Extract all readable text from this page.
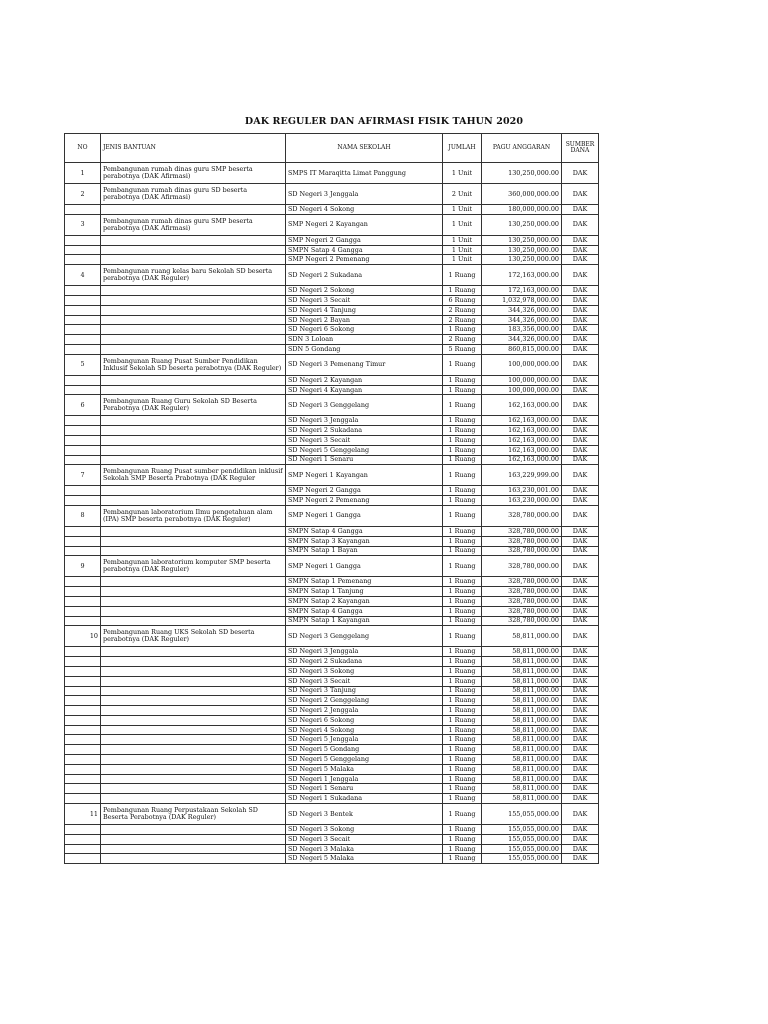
DAK REGULER DAN AFIRMASI FISIK TAHUN 2020
NO	JENIS BANTUAN	NAMA SEKOLAH	JUMLAH	PAGU ANGGARAN	SUMBER DANA
1	Pembangunan rumah dinas guru SMP beserta perabotnya (DAK Afirmasi)	SMPS IT Maraqitta Limat Panggung	1 Unit	130,250,000.00	DAK
2	Pembangunan rumah dinas guru SD beserta perabotnya (DAK Afirmasi)	SD Negeri 3 Jenggala	2 Unit	360,000,000.00	DAK
		SD Negeri 4 Sokong	1 Unit	180,000,000.00	DAK
3	Pembangunan rumah dinas guru SMP beserta perabotnya (DAK Afirmasi)	SMP Negeri 2 Kayangan	1 Unit	130,250,000.00	DAK
		SMP Negeri 2 Gangga	1 Unit	130,250,000.00	DAK
		SMPN Satap 4 Gangga	1 Unit	130,250,000.00	DAK
		SMP Negeri 2 Pemenang	1 Unit	130,250,000.00	DAK
4	Pembangunan ruang kelas baru Sekolah SD beserta perabotnya (DAK Reguler)	SD Negeri 2 Sukadana	1 Ruang	172,163,000.00	DAK
		SD Negeri 2 Sokong	1 Ruang	172,163,000.00	DAK
		SD Negeri 3 Secait	6 Ruang	1,032,978,000.00	DAK
		SD Negeri 4 Tanjung	2 Ruang	344,326,000.00	DAK
		SD Negeri 2 Bayan	2 Ruang	344,326,000.00	DAK
		SD Negeri 6 Sokong	1 Ruang	183,356,000.00	DAK
		SDN 3 Loloan	2 Ruang	344,326,000.00	DAK
		SDN 5 Gondang	5 Ruang	860,815,000.00	DAK
5	Pembangunan Ruang Pusat Sumber Pendidikan Inklusif Sekolah SD beserta perabotnya (DAK Reguler)	SD Negeri 3 Pemenang Timur	1 Ruang	100,000,000.00	DAK
		SD Negeri 2 Kayangan	1 Ruang	100,000,000.00	DAK
		SD Negeri 4 Kayangan	1 Ruang	100,000,000.00	DAK
6	Pembangunan Ruang Guru Sekolah SD Beserta Perabotnya (DAK Reguler)	SD Negeri 3 Genggelang	1 Ruang	162,163,000.00	DAK
		SD Negeri 3 Jenggala	1 Ruang	162,163,000.00	DAK
		SD Negeri 2 Sukadana	1 Ruang	162,163,000.00	DAK
		SD Negeri 3 Secait	1 Ruang	162,163,000.00	DAK
		SD Negeri 5 Genggelang	1 Ruang	162,163,000.00	DAK
		SD Negeri 1 Senaru	1 Ruang	162,163,000.00	DAK
7	Pembangunan Ruang Pusat sumber pendidikan inklusif Sekolah SMP Beserta Prabotnya (DAK Reguler	SMP Negeri 1 Kayangan	1 Ruang	163,229,999.00	DAK
		SMP Negeri 2 Gangga	1 Ruang	163,230,001.00	DAK
		SMP Negeri 2 Pemenang	1 Ruang	163,230,000.00	DAK
8	Pembangunan laboratorium Ilmu pengetahuan alam (IPA) SMP beserta perabotnya (DAK Reguler)	SMP Negeri 1 Gangga	1 Ruang	328,780,000.00	DAK
		SMPN Satap 4 Gangga	1 Ruang	328,780,000.00	DAK
		SMPN Satap 3 Kayangan	1 Ruang	328,780,000.00	DAK
		SMPN Satap 1 Bayan	1 Ruang	328,780,000.00	DAK
9	Pembangunan laboratorium komputer SMP beserta perabotnya (DAK Reguler)	SMP Negeri 1 Gangga	1 Ruang	328,780,000.00	DAK
		SMPN Satap 1 Pemenang	1 Ruang	328,780,000.00	DAK
		SMPN Satap 1 Tanjung	1 Ruang	328,780,000.00	DAK
		SMPN Satap 2 Kayangan	1 Ruang	328,780,000.00	DAK
		SMPN Satap 4 Gangga	1 Ruang	328,780,000.00	DAK
		SMPN Satap 1 Kayangan	1 Ruang	328,780,000.00	DAK
10	Pembangunan Ruang UKS Sekolah SD beserta perabotnya (DAK Reguler)	SD Negeri 3 Genggelang	1 Ruang	58,811,000.00	DAK
		SD Negeri 3 Jenggala	1 Ruang	58,811,000.00	DAK
		SD Negeri 2 Sukadana	1 Ruang	58,811,000.00	DAK
		SD Negeri 3 Sokong	1 Ruang	58,811,000.00	DAK
		SD Negeri 3 Secait	1 Ruang	58,811,000.00	DAK
		SD Negeri 3 Tanjung	1 Ruang	58,811,000.00	DAK
		SD Negeri 2 Genggelang	1 Ruang	58,811,000.00	DAK
		SD Negeri 2 Jenggala	1 Ruang	58,811,000.00	DAK
		SD Negeri 6 Sokong	1 Ruang	58,811,000.00	DAK
		SD Negeri 4 Sokong	1 Ruang	58,811,000.00	DAK
		SD Negeri 5 Jenggala	1 Ruang	58,811,000.00	DAK
		SD Negeri 5 Gondang	1 Ruang	58,811,000.00	DAK
		SD Negeri 5 Genggelang	1 Ruang	58,811,000.00	DAK
		SD Negeri 5 Malaka	1 Ruang	58,811,000.00	DAK
		SD Negeri 1 Jenggala	1 Ruang	58,811,000.00	DAK
		SD Negeri 1 Senaru	1 Ruang	58,811,000.00	DAK
		SD Negeri 1 Sukadana	1 Ruang	58,811,000.00	DAK
11	Pembangunan Ruang Perpustakaan Sekolah SD Beserta Perabotnya (DAK Reguler)	SD Negeri 3 Bentek	1 Ruang	155,055,000.00	DAK
		SD Negeri 3 Sokong	1 Ruang	155,055,000.00	DAK
		SD Negeri 3 Secait	1 Ruang	155,055,000.00	DAK
		SD Negeri 3 Malaka	1 Ruang	155,055,000.00	DAK
		SD Negeri 5 Malaka	1 Ruang	155,055,000.00	DAK
